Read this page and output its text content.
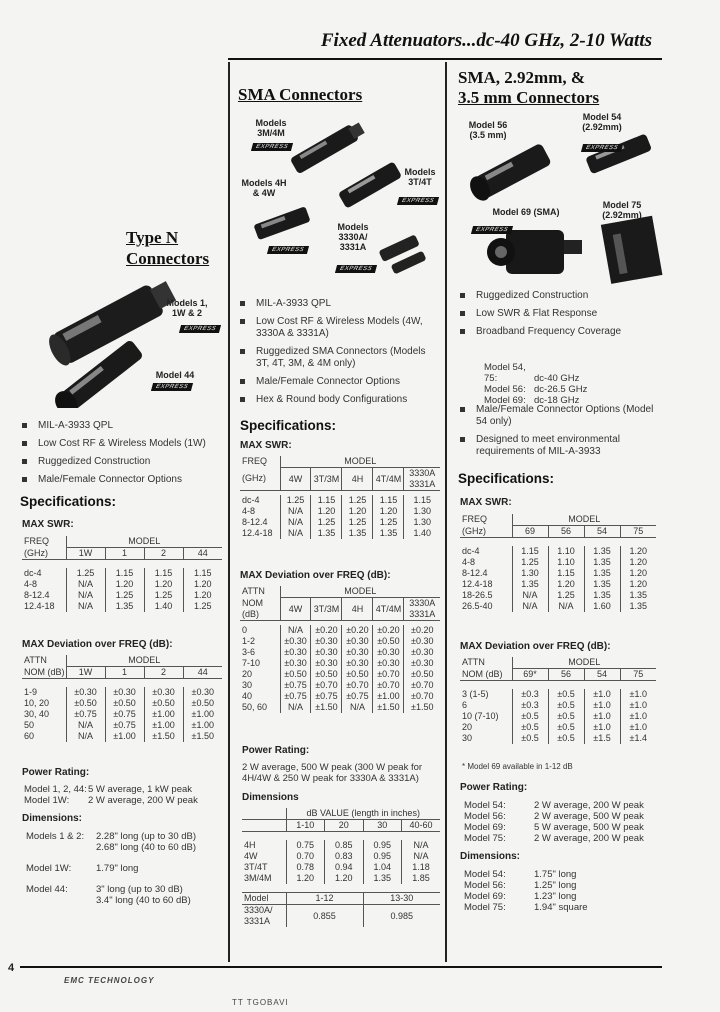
Fixed Attenuators...dc-40 GHz, 2-10 Watts
Type N
Connectors
Models 1, 1W & 2
EXPRESS
Model 44
EXPRESS
MIL-A-3933 QPL
Low Cost RF & Wireless Models (1W)
Ruggedized Construction
Male/Female Connector Options
Specifications:
MAX SWR:
FREQ	MODEL			
(GHz)	1W	1	2	44

dc-4	1.25	1.15	1.15	1.15
4-8	N/A	1.20	1.20	1.20
8-12.4	N/A	1.25	1.25	1.20
12.4-18	N/A	1.35	1.40	1.25
MAX Deviation over FREQ (dB):
ATTN	MODEL			
NOM (dB)	1W	1	2	44

1-9	±0.30	±0.30	±0.30	±0.30
10, 20	±0.50	±0.50	±0.50	±0.50
30, 40	±0.75	±0.75	±1.00	±1.00
50	N/A	±0.75	±1.00	±1.00
60	N/A	±1.00	±1.50	±1.50
Power Rating:
Model 1, 2, 44:5 W average, 1 kW peak
Model 1W: 2 W average, 200 W peak
Dimensions:
Models 1 & 2: 2.28" long (up to 30 dB)
2.68" long (40 to 60 dB)
Model 1W:	1.79" long
Model 44:	3" long (up to 30 dB)
3.4" long (40 to 60 dB)
SMA Connectors
Models 3M/4M
EXPRESS
Models 4H & 4W
EXPRESS
Models 3T/4T
EXPRESS
Models 3330A/ 3331A
EXPRESS
MIL-A-3933 QPL
Low Cost RF & Wireless Models (4W, 3330A & 3331A)
Ruggedized SMA Connectors (Models 3T, 4T, 3M, & 4M only)
Male/Female Connector Options
Hex & Round body Configurations
Specifications:
MAX SWR:
FREQ	MODEL				
(GHz)	4W	3T/3M	4H	4T/4M	3330A 3331A

dc-4	1.25	1.15	1.25	1.15	1.15
4-8	N/A	1.20	1.20	1.20	1.30
8-12.4	N/A	1.25	1.25	1.25	1.30
12.4-18	N/A	1.35	1.35	1.35	1.40
MAX Deviation over FREQ (dB):
ATTN	MODEL				
NOM (dB)	4W	3T/3M	4H	4T/4M	3330A 3331A

0	N/A	±0.20	±0.20	±0.20	±0.20
1-2	±0.30	±0.30	±0.30	±0.50	±0.30
3-6	±0.30	±0.30	±0.30	±0.30	±0.30
7-10	±0.30	±0.30	±0.30	±0.30	±0.30
20	±0.50	±0.50	±0.50	±0.70	±0.50
30	±0.75	±0.70	±0.70	±0.70	±0.70
40	±0.75	±0.75	±0.75	±1.00	±0.70
50, 60	N/A	±1.50	N/A	±1.50	±1.50
Power Rating:
2 W average, 500 W peak (300 W peak for 4H/4W & 250 W peak for 3330A & 3331A)
Dimensions
	dB VALUE (length in inches)			
	1-10	20	30	40-60

4H	0.75	0.85	0.95	N/A
4W	0.70	0.83	0.95	N/A
3T/4T	0.78	0.94	1.04	1.18
3M/4M	1.20	1.20	1.35	1.85

Model	1-12		13-30	
3330A/ 3331A	0.855		0.985	
SMA, 2.92mm, &
3.5 mm Connectors
Model 56 (3.5 mm)
Model 54 (2.92mm)
EXPRESS
Model 69 (SMA)
EXPRESS
Model 75 (2.92mm)
Ruggedized Construction
Low SWR & Flat Response
Broadband Frequency Coverage
Model 54, 75:	dc-40 GHz
Model 56: dc-26.5 GHz
Model 69: dc-18 GHz
Male/Female Connector Options (Model 54 only)
Designed to meet environmental requirements of MIL-A-3933
Specifications:
MAX SWR:
FREQ	MODEL			
(GHz)	69	56	54	75

dc-4	1.15	1.10	1.35	1.20
4-8	1.25	1.10	1.35	1.20
8-12.4	1.30	1.15	1.35	1.20
12.4-18	1.35	1.20	1.35	1.20
18-26.5	N/A	1.25	1.35	1.35
26.5-40	N/A	N/A	1.60	1.35
MAX Deviation over FREQ (dB):
ATTN	MODEL			
NOM (dB)	69*	56	54	75

3 (1-5)	±0.3	±0.5	±1.0	±1.0
6	±0.3	±0.5	±1.0	±1.0
10 (7-10)	±0.5	±0.5	±1.0	±1.0
20	±0.5	±0.5	±1.0	±1.0
30	±0.5	±0.5	±1.5	±1.4
* Model 69 available in 1-12 dB
Power Rating:
Model 54:	2 W average, 200 W peak
Model 56:	2 W average, 500 W peak
Model 69:	5 W average, 500 W peak
Model 75:	2 W average, 200 W peak
Dimensions:
Model 54:	1.75" long
Model 56:	1.25" long
Model 69:	1.23" long
Model 75:	1.94" square
4
EMC TECHNOLOGY
TT TGOBAVI
